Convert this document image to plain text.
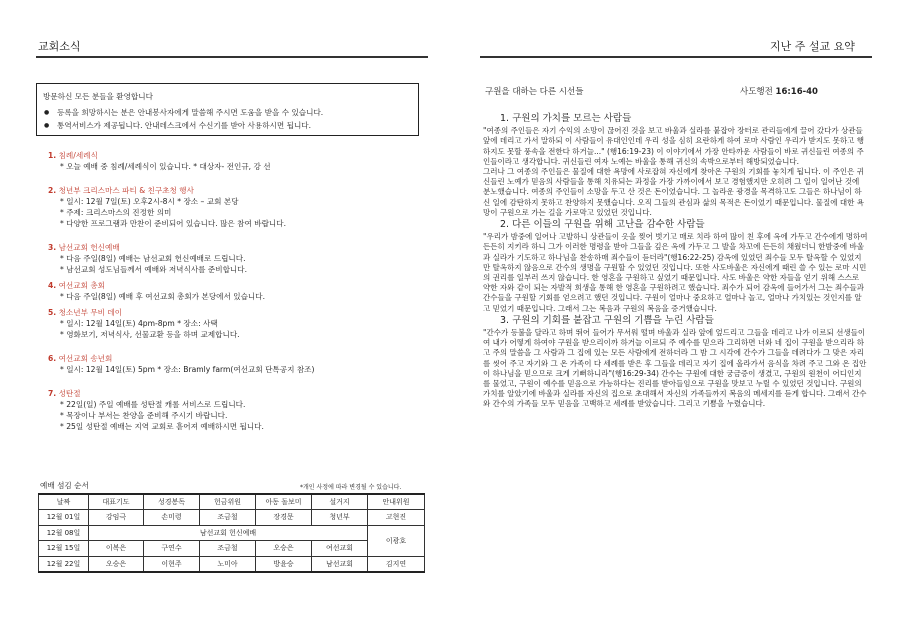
교회소식
방문하신 모든 분들을 환영합니다
● 등록을 희망하시는 분은 안내봉사자에게 말씀해 주시면 도움을 받을 수 있습니다.
● 통역서비스가 제공됩니다. 안내데스크에서 수신기를 받아 사용하시면 됩니다.
1. 침례/세례식
* 오늘 예배 중 침례/세례식이 있습니다. * 대상자- 전인규, 강 선
2. 청년부 크리스마스 파티 & 친구초청 행사
* 일시: 12월 7일(토) 오후2시-8시 * 장소 – 교회 본당
* 주제: 크리스마스의 진정한 의미
* 다양한 프로그램과 만찬이 준비되어 있습니다. 많은 참여 바랍니다.
3. 남선교회 헌신예배
* 다음 주일(8일) 예배는 남선교회 헌신예배로 드립니다.
* 남선교회 성도님들께서 예배와 저녁식사를 준비합니다.
4. 여선교회 총회
* 다음 주일(8일) 예배 후 여선교회 총회가 본당에서 있습니다.
5. 청소년부 무비 데이
* 일시: 12월 14일(토) 4pm-8pm * 장소: 사택
* 영화보기, 저녁식사, 선물교환 등을 하며 교제합니다.
6. 여선교회 송년회
* 일시: 12월 14일(토) 5pm * 장소: Bramly farm(여선교회 단톡공지 참조)
7. 성탄절
* 22일(일) 주일 예배를 성탄절 캐롤 서비스로 드립니다.
* 목장이나 부서는 찬양을 준비해 주시기 바랍니다.
* 25일 성탄절 예배는 지역 교회로 흩어져 예배하시면 됩니다.
예배 섬김 순서	*개인 사정에 따라 변경될 수 있습니다.
날짜	대표기도	성경봉독	헌금위원	아동 돌보미	설거지	안내위원
12월 01일	강임극	손미령	조금철	장경문	청년부	고현진
12월 08일	남선교회 헌신예배					이광호
12월 15일	이복은	구연수	조금철	오승은	여선교회	
12월 22일	오승은	이현주	노미아	방윤승	남선교회	김지연
지난 주 설교 요약
구원을 대하는 다른 시선들	사도행전 16:16-40
1. 구원의 가치를 모르는 사람들

"여종의 주인들은 자기 수익의 소망이 끊어진 것을 보고 바울과 실라를 붙잡아 장터로 관리들에게 끌어 갔다가 상관들 앞에 데리고 가서 말하되 이 사람들이 유대인인데 우리 성을 심히 요란하게 하여 로마 사람인 우리가 받지도 못하고 행하지도 못할 풍속을 전한다 하거늘..." (행16:19-23) 이 이야기에서 가장 안타까운 사람들이 바로 귀신들린 여종의 주인들이라고 생각합니다. 귀신들린 여자 노예는 바울을 통해 귀신의 속박으로부터 해방되었습니다.

그러나 그 여종의 주인들은 물질에 대한 욕망에 사로잡혀 자신에게 찾아온 구원의 기회를 놓치게 됩니다. 이 주인은 귀신들린 노예가 믿음의 사람들을 통해 치유되는 과정을 가장 가까이에서 보고 경험했지만 오히려 그 일이 일어난 것에 분노했습니다. 여종의 주인들이 소망을 두고 산 것은 돈이었습니다. 그 놀라운 광경을 목격하고도 그들은 하나님이 하신 일에 감탄하지 못하고 찬양하지 못했습니다. 오직 그들의 관심과 삶의 목적은 돈이었기 때문입니다. 물질에 대한 욕망이 구원으로 가는 길을 가로막고 있었던 것입니다.

2. 다른 이들의 구원을 위해 고난을 감수한 사람들

"우리가 밤중에 일어나 고발하니 상관들이 옷을 찢어 벗기고 매로 치라 하여 많이 친 후에 옥에 가두고 간수에게 명하여 든든히 지키라 하니 그가 이러한 명령을 받아 그들을 깊은 옥에 가두고 그 발을 차꼬에 든든히 채웠더니 한밤중에 바울과 실라가 기도하고 하나님을 찬송하매 죄수들이 듣더라"(행16:22-25) 감옥에 있었던 죄수들 모두 탈옥할 수 있었지만 탈옥하지 않음으로 간수의 생명을 구원할 수 있었던 것입니다. 또한 사도바울은 자신에게 때린 쓸 수 있는 로마 시민의 권리를 일부러 쓰지 않습니다. 한 영혼을 구원하고 싶었기 때문입니다. 사도 바울은 약한 자들을 얻기 위해 스스로 약한 자와 같이 되는 자발적 희생을 통해 한 영혼을 구원하려고 했습니다. 죄수가 되어 감옥에 들어가서 그는 죄수들과 간수들을 구원할 기회를 얻으려고 했던 것입니다. 구원이 얼마나 중요하고 얼마나 놀고, 얼마나 가치있는 것인지를 알고 믿었기 때문입니다. 그래서 그는 복음과 구원의 복음을 증거했습니다.

3. 구원의 기회를 붙잡고 구원의 기쁨을 누린 사람들

"간수가 등불을 달라고 하며 뛰어 들어가 무서워 떨며 바울과 실라 앞에 엎드리고 그들을 데리고 나가 이르되 선생들이여 내가 어떻게 하여야 구원을 받으리이까 하거늘 이르되 주 예수를 믿으라 그리하면 너와 네 집이 구원을 받으리라 하고 주의 말씀을 그 사람과 그 집에 있는 모든 사람에게 전하더라 그 밤 그 시각에 간수가 그들을 데려다가 그 맞은 자리를 씻어 주고 자기와 그 온 가족이 다 세례를 받은 후 그들을 데리고 자기 집에 올라가서 음식을 차려 주고 그와 온 집안이 하나님을 믿으므로 크게 기뻐하니라"(행16:29-34) 간수는 구원에 대한 궁금증이 생겼고, 구원의 원천이 어디인지를 물었고, 구원이 예수를 믿음으로 가능하다는 진리를 받아들임으로 구원을 맛보고 누릴 수 있었던 것입니다. 구원의 가치를 알았기에 바울과 실라를 자신의 집으로 초대해서 자신의 가족들까지 복음의 메세지를 듣게 합니다. 그래서 간수와 간수의 가족들 모두 믿음을 고백하고 세례를 받았습니다. 그리고 기쁨을 누렸습니다.
